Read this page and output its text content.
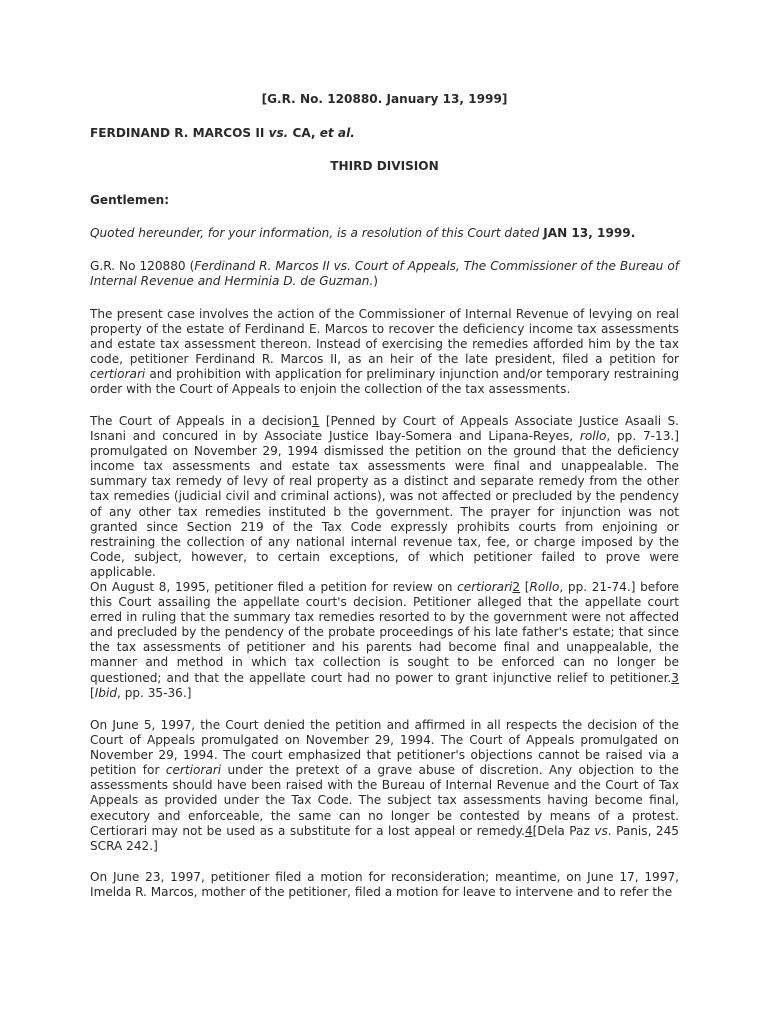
[G.R. No. 120880. January 13, 1999]

FERDINAND R. MARCOS II vs. CA, et al.

THIRD DIVISION

Gentlemen:

Quoted hereunder, for your information, is a resolution of this Court dated JAN 13, 1999.

G.R. No 120880 (Ferdinand R. Marcos II vs. Court of Appeals, The Commissioner of the Bureau of Internal Revenue and Herminia D. de Guzman.)

The present case involves the action of the Commissioner of Internal Revenue of levying on real property of the estate of Ferdinand E. Marcos to recover the deficiency income tax assessments and estate tax assessment thereon. Instead of exercising the remedies afforded him by the tax code, petitioner Ferdinand R. Marcos II, as an heir of the late president, filed a petition for certiorari and prohibition with application for preliminary injunction and/or temporary restraining order with the Court of Appeals to enjoin the collection of the tax assessments.

The Court of Appeals in a decision1 [Penned by Court of Appeals Associate Justice Asaali S. Isnani and concured in by Associate Justice Ibay-Somera and Lipana-Reyes, rollo, pp. 7-13.] promulgated on November 29, 1994 dismissed the petition on the ground that the deficiency income tax assessments and estate tax assessments were final and unappealable. The summary tax remedy of levy of real property as a distinct and separate remedy from the other tax remedies (judicial civil and criminal actions), was not affected or precluded by the pendency of any other tax remedies instituted b the government. The prayer for injunction was not granted since Section 219 of the Tax Code expressly prohibits courts from enjoining or restraining the collection of any national internal revenue tax, fee, or charge imposed by the Code, subject, however, to certain exceptions, of which petitioner failed to prove were applicable.

On August 8, 1995, petitioner filed a petition for review on certiorari2 [Rollo, pp. 21-74.] before this Court assailing the appellate court's decision. Petitioner alleged that the appellate court erred in ruling that the summary tax remedies resorted to by the government were not affected and precluded by the pendency of the probate proceedings of his late father's estate; that since the tax assessments of petitioner and his parents had become final and unappealable, the manner and method in which tax collection is sought to be enforced can no longer be questioned; and that the appellate court had no power to grant injunctive relief to petitioner.3 [Ibid, pp. 35-36.]

On June 5, 1997, the Court denied the petition and affirmed in all respects the decision of the Court of Appeals promulgated on November 29, 1994. The Court of Appeals promulgated on November 29, 1994. The court emphasized that petitioner's objections cannot be raised via a petition for certiorari under the pretext of a grave abuse of discretion. Any objection to the assessments should have been raised with the Bureau of Internal Revenue and the Court of Tax Appeals as provided under the Tax Code. The subject tax assessments having become final, executory and enforceable, the same can no longer be contested by means of a protest. Certiorari may not be used as a substitute for a lost appeal or remedy.4[Dela Paz vs. Panis, 245 SCRA 242.]

On June 23, 1997, petitioner filed a motion for reconsideration; meantime, on June 17, 1997, Imelda R. Marcos, mother of the petitioner, filed a motion for leave to intervene and to refer the
